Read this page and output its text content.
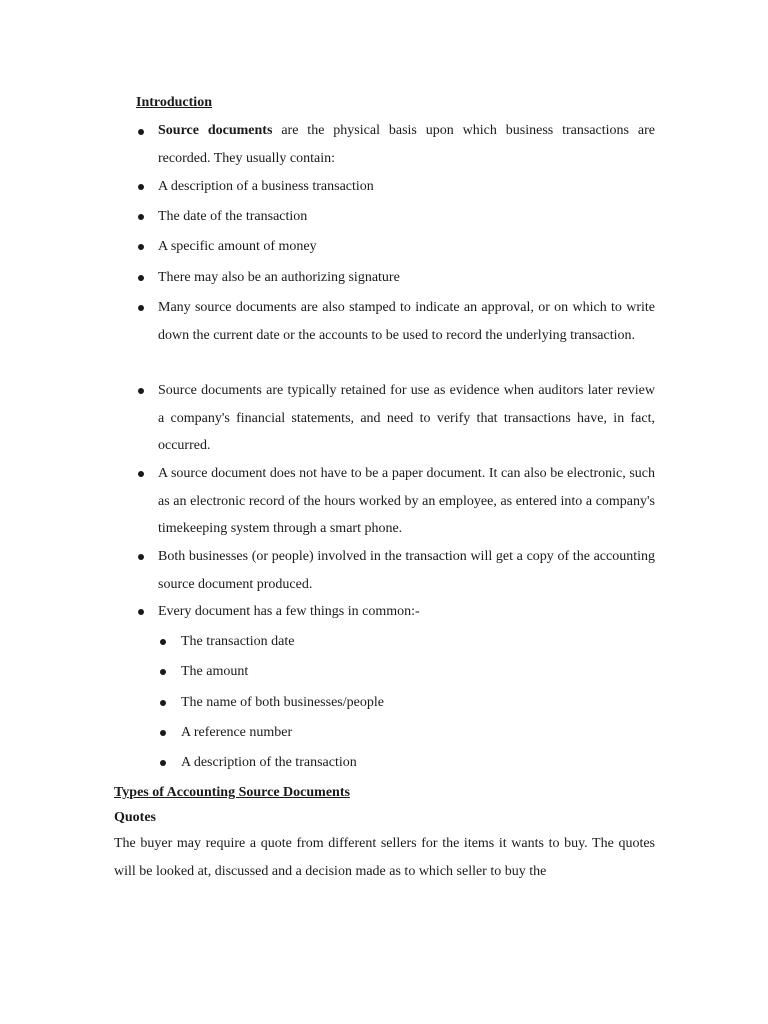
Introduction
Source documents are the physical basis upon which business transactions are
recorded. They usually contain:
A description of a business transaction
The date of the transaction
A specific amount of money
There may also be an authorizing signature
Many source documents are also stamped to indicate an approval, or on which to write down the current date or the accounts to be used to record the underlying transaction.
Source documents are typically retained for use as evidence when auditors later review a company's financial statements, and need to verify that transactions have, in fact, occurred.
A source document does not have to be a paper document. It can also be electronic, such as an electronic record of the hours worked by an employee, as entered into a company's timekeeping system through a smart phone.
Both businesses (or people) involved in the transaction will get a copy of the accounting source document produced.
Every document has a few things in common:-
The transaction date
The amount
The name of both businesses/people
A reference number
A description of the transaction
Types of Accounting Source Documents
Quotes
The buyer may require a quote from different sellers for the items it wants to buy. The quotes will be looked at, discussed and a decision made as to which seller to buy the
